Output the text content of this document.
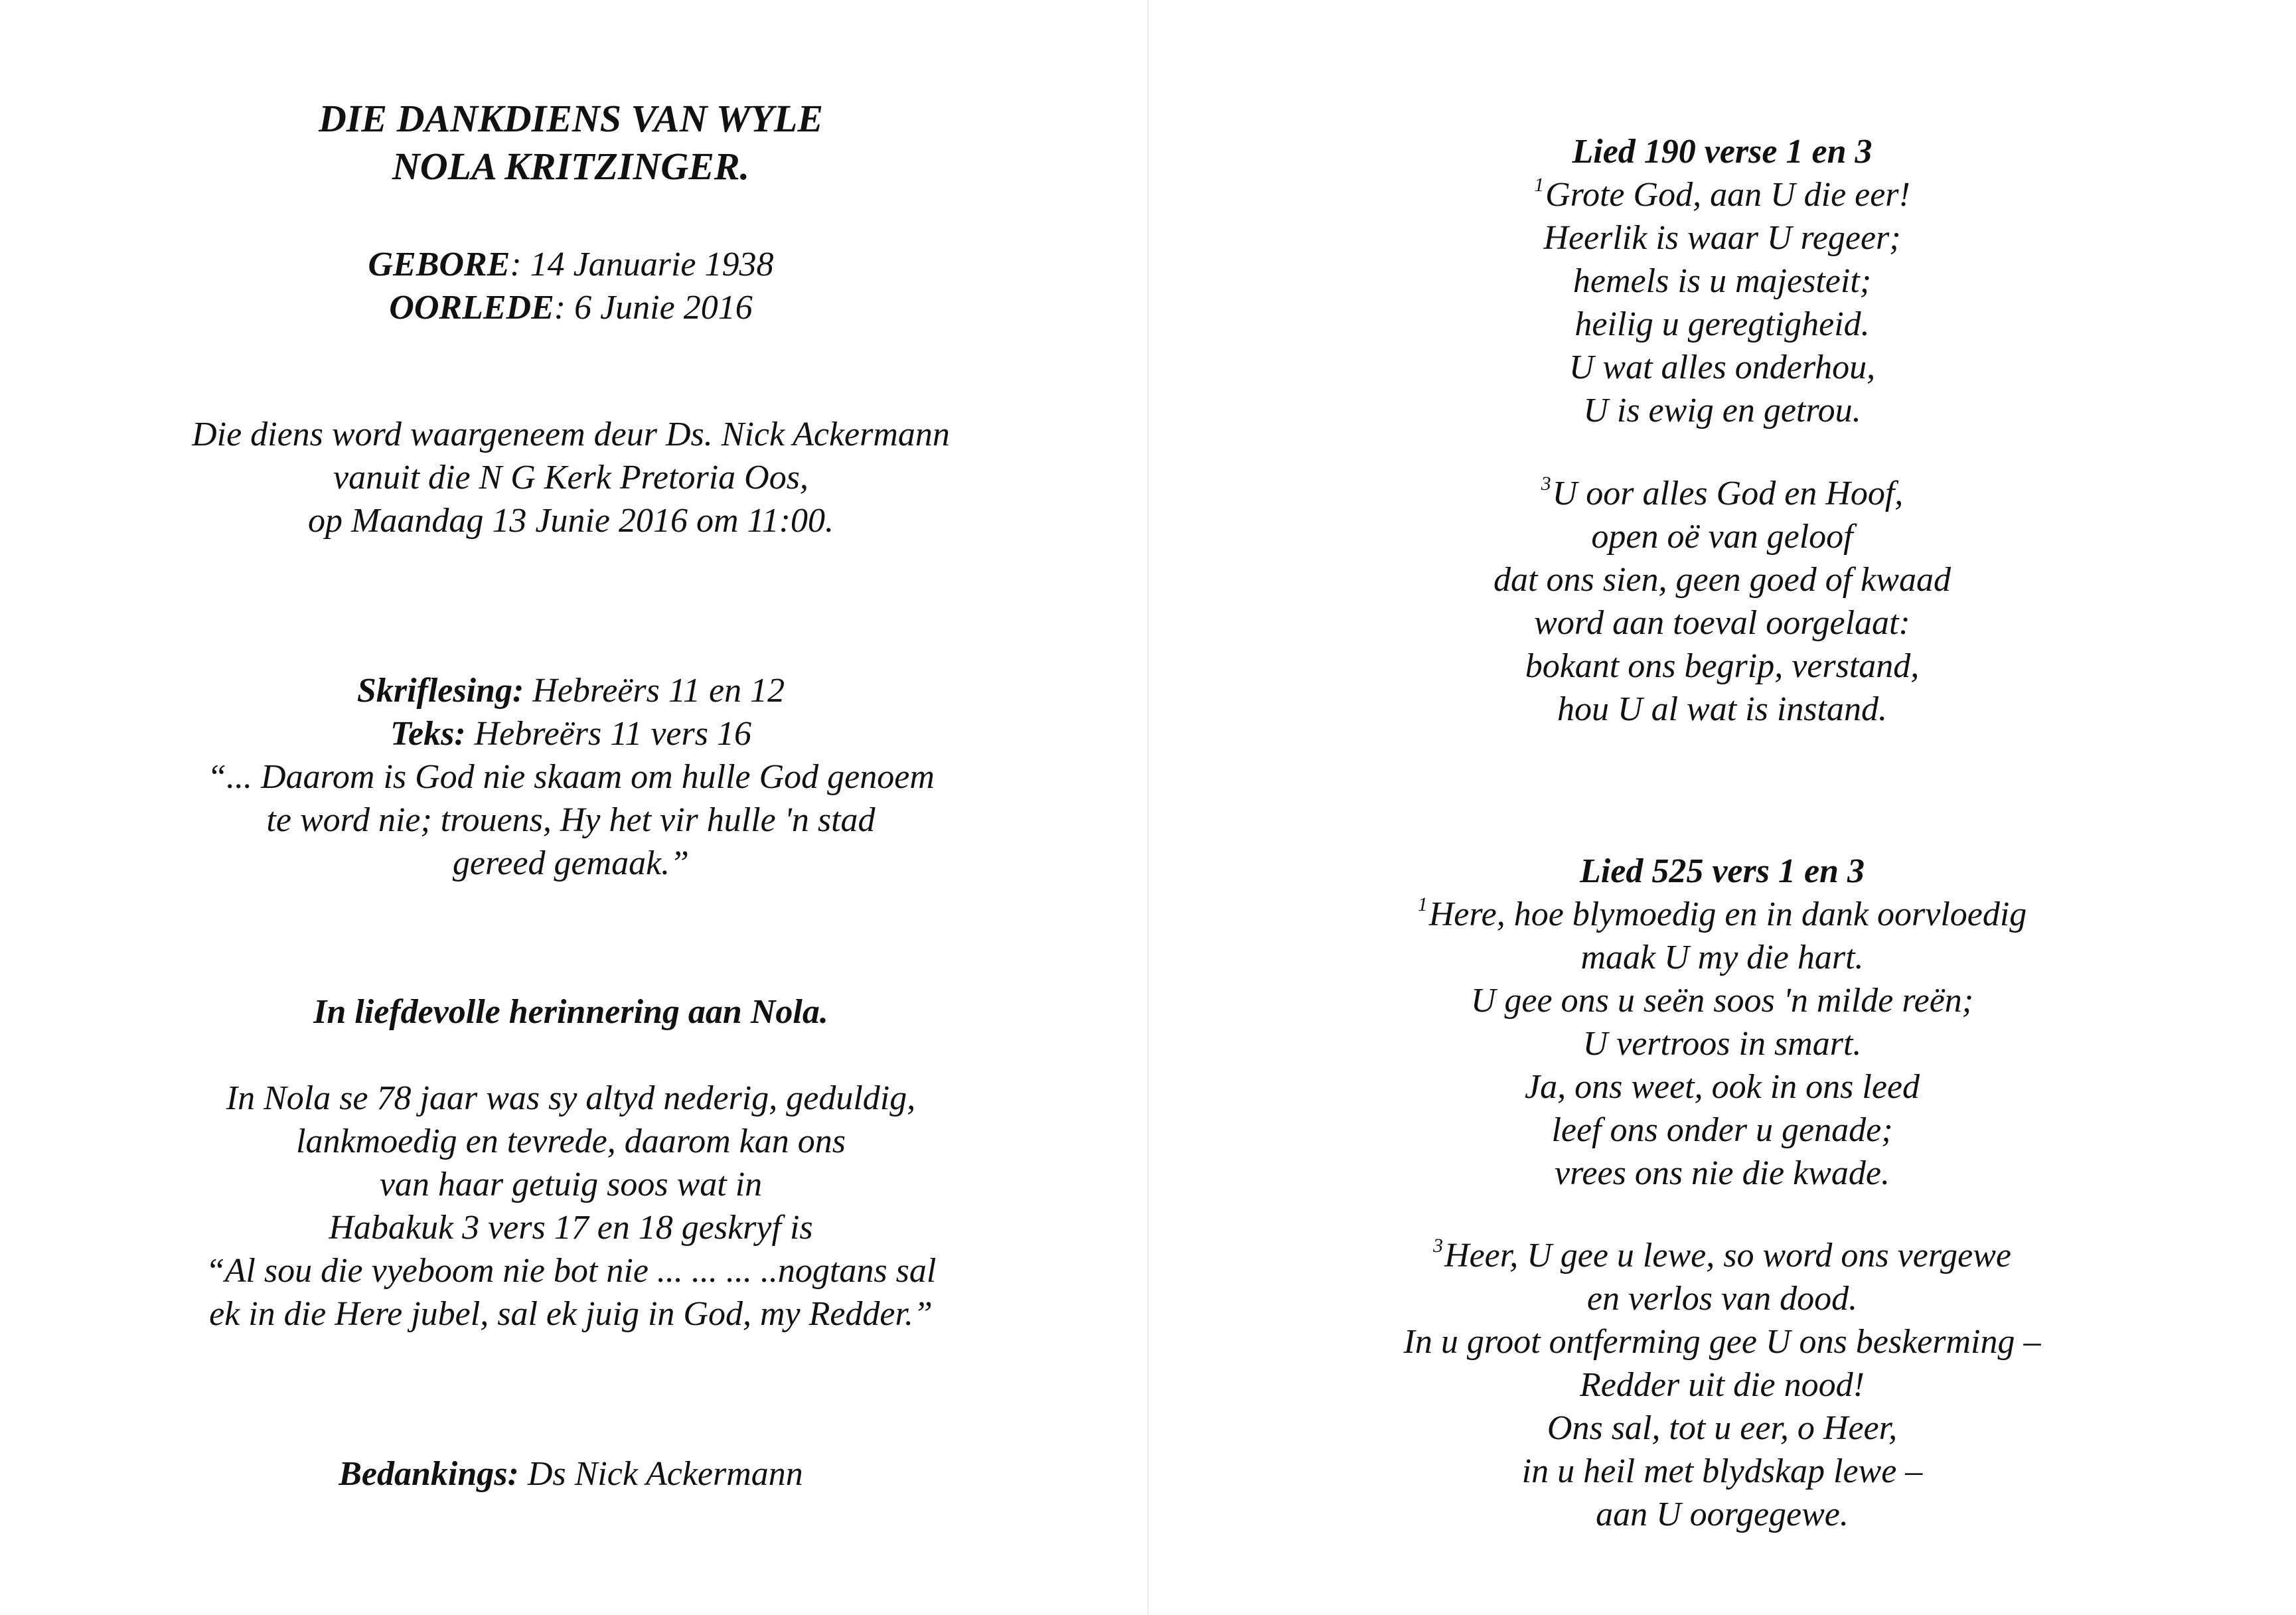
DIE DANKDIENS VAN WYLE
NOLA KRITZINGER.
GEBORE: 14 Januarie 1938
OORLEDE: 6 Junie 2016
Die diens word waargeneem deur Ds. Nick Ackermann
vanuit die N G Kerk Pretoria Oos,
op Maandag 13 Junie 2016 om 11:00.
Skriflesing: Hebreërs 11 en 12
Teks: Hebreërs 11 vers 16
“... Daarom is God nie skaam om hulle God genoem
te word nie; trouens, Hy het vir hulle 'n stad
gereed gemaak.”
In liefdevolle herinnering aan Nola.
In Nola se 78 jaar was sy altyd nederig, geduldig,
lankmoedig en tevrede, daarom kan ons
van haar getuig soos wat in
Habakuk 3 vers 17 en 18 geskryf is
“Al sou die vyeboom nie bot nie ... ... ... ..nogtans sal
ek in die Here jubel, sal ek juig in God, my Redder.”
Bedankings: Ds Nick Ackermann
Lied 190 verse 1 en 3
$^1$Grote God, aan U die eer!
Heerlik is waar U regeer;
hemels is u majesteit;
heilig u geregtigheid.
U wat alles onderhou,
U is ewig en getrou.
$^3$U oor alles God en Hoof,
open oë van geloof
dat ons sien, geen goed of kwaad
word aan toeval oorgelaat:
bokant ons begrip, verstand,
hou U al wat is instand.
Lied 525 vers 1 en 3
$^1$Here, hoe blymoedig en in dank oorvloedig
maak U my die hart.
U gee ons u seën soos 'n milde reën;
U vertroos in smart.
Ja, ons weet, ook in ons leed
leef ons onder u genade;
vrees ons nie die kwade.
$^3$Heer, U gee u lewe, so word ons vergewe
en verlos van dood.
In u groot ontferming gee U ons beskerming –
Redder uit die nood!
Ons sal, tot u eer, o Heer,
in u heil met blydskap lewe –
aan U oorgegewe.
